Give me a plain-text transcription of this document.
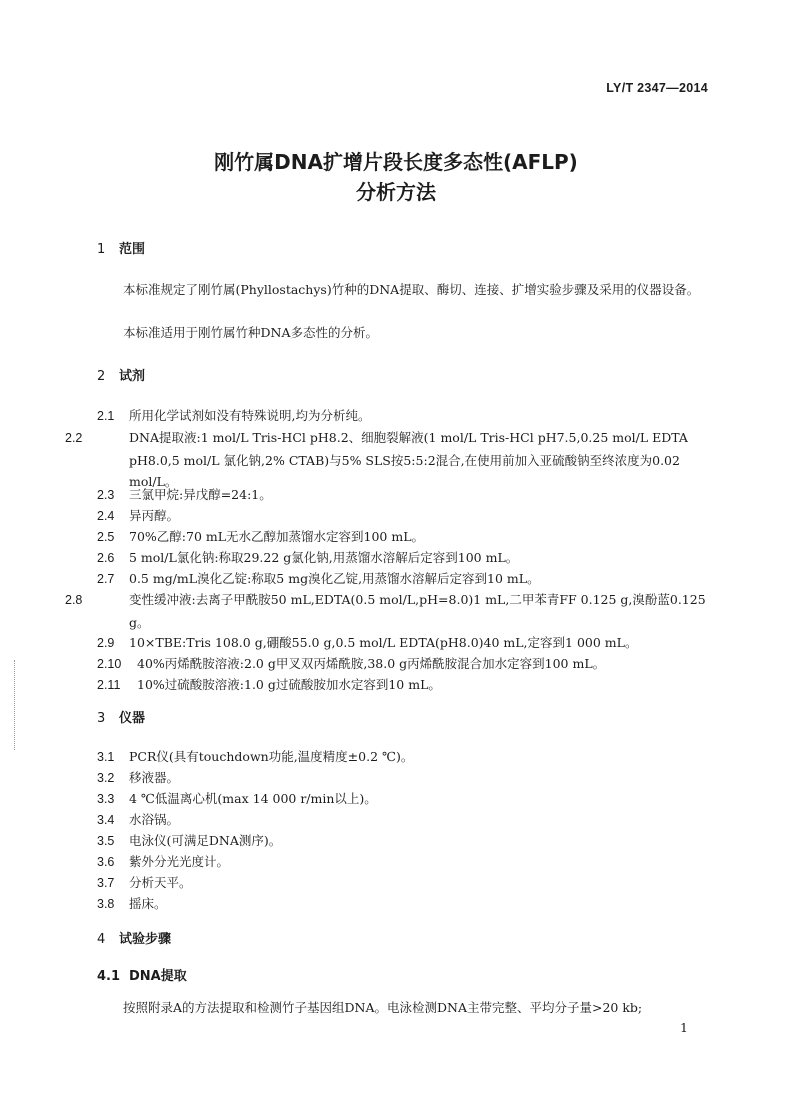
LY/T 2347—2014
刚竹属DNA扩增片段长度多态性(AFLP)
分析方法
1 范围
本标准规定了刚竹属(Phyllostachys)竹种的DNA提取、酶切、连接、扩增实验步骤及采用的仪器设备。
本标准适用于刚竹属竹种DNA多态性的分析。
2 试剂
2.1 所用化学试剂如没有特殊说明,均为分析纯。
2.2	DNA提取液:1 mol/L Tris-HCl pH8.2、细胞裂解液(1 mol/L Tris-HCl pH7.5,0.25 mol/L EDTA pH8.0,5 mol/L 氯化钠,2% CTAB)与5% SLS按5:5:2混合,在使用前加入亚硫酸钠至终浓度为0.02 mol/L。
2.3 三氯甲烷:异戊醇=24:1。
2.4 异丙醇。
2.5 70%乙醇:70 mL无水乙醇加蒸馏水定容到100 mL。
2.6 5 mol/L氯化钠:称取29.22 g氯化钠,用蒸馏水溶解后定容到100 mL。
2.7 0.5 mg/mL溴化乙锭:称取5 mg溴化乙锭,用蒸馏水溶解后定容到10 mL。
2.8	变性缓冲液:去离子甲酰胺50 mL,EDTA(0.5 mol/L,pH=8.0)1 mL,二甲苯青FF 0.125 g,溴酚蓝0.125 g。
2.9 10×TBE:Tris 108.0 g,硼酸55.0 g,0.5 mol/L EDTA(pH8.0)40 mL,定容到1 000 mL。
2.10 40%丙烯酰胺溶液:2.0 g甲叉双丙烯酰胺,38.0 g丙烯酰胺混合加水定容到100 mL。
2.11 10%过硫酸胺溶液:1.0 g过硫酸胺加水定容到10 mL。
3 仪器
3.1 PCR仪(具有touchdown功能,温度精度±0.2 ℃)。
3.2 移液器。
3.3 4 ℃低温离心机(max 14 000 r/min以上)。
3.4 水浴锅。
3.5 电泳仪(可满足DNA测序)。
3.6 紫外分光光度计。
3.7 分析天平。
3.8 摇床。
4 试验步骤
4.1 DNA提取
按照附录A的方法提取和检测竹子基因组DNA。电泳检测DNA主带完整、平均分子量>20 kb;
1
